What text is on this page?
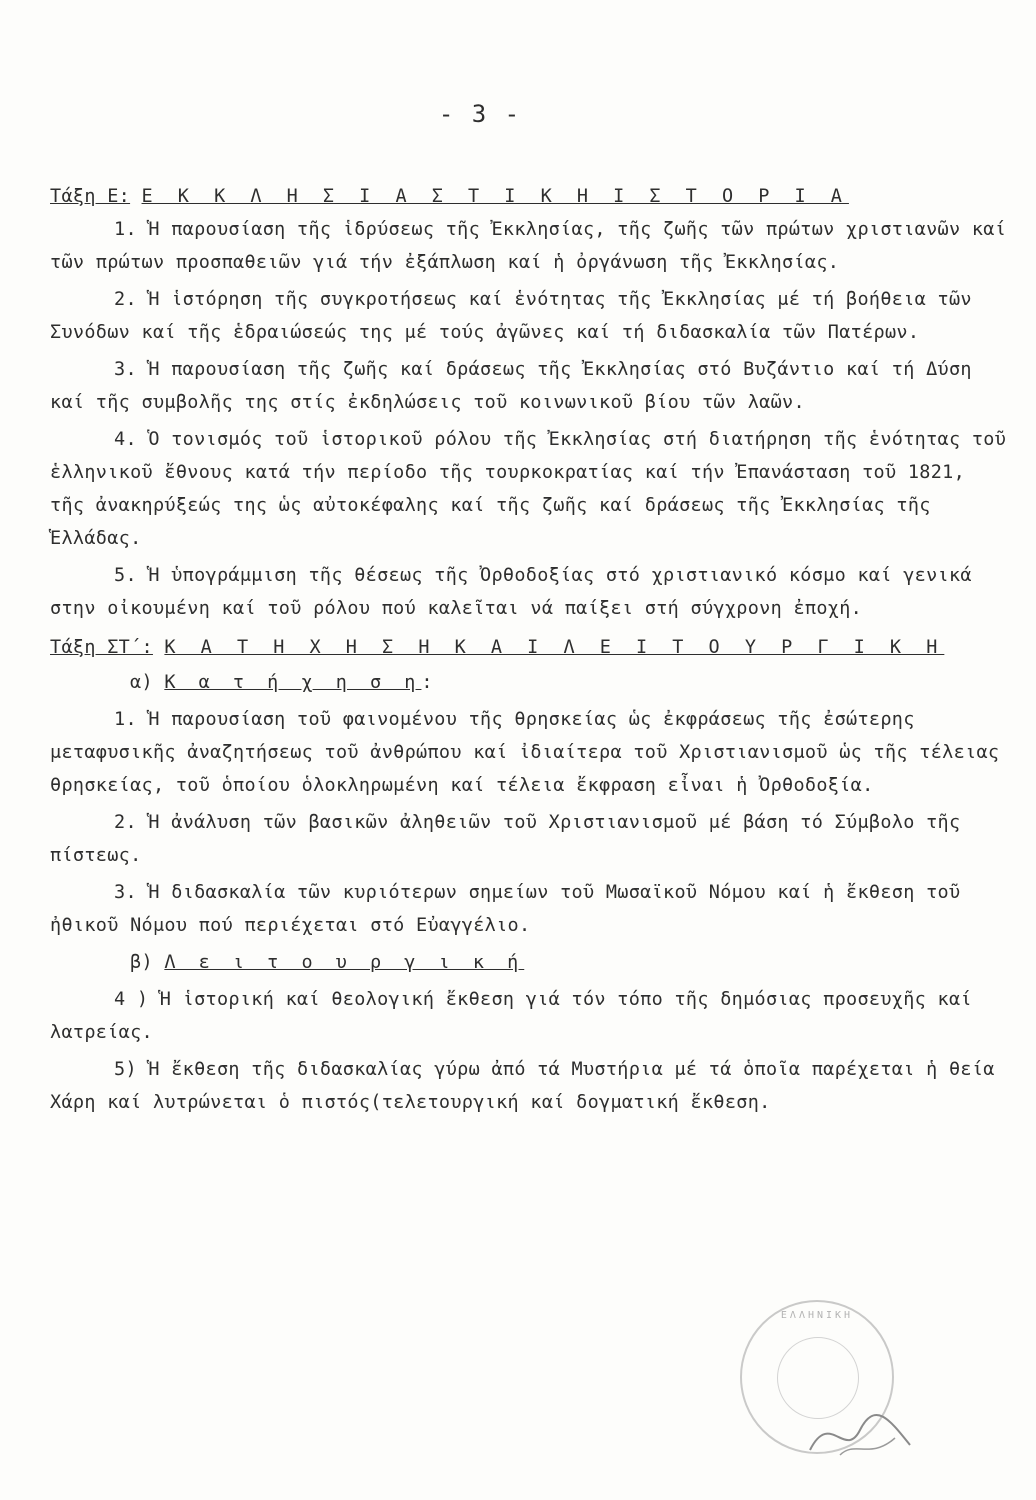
- 3 -

Τάξη Ε: Ε Κ Κ Λ Η Σ Ι Α Σ Τ Ι Κ Η Ι Σ Τ Ο Ρ Ι Α

1. Ἡ παρουσίαση τῆς ἱδρύσεως τῆς Ἐκκλησίας, τῆς ζωῆς τῶν πρώτων χριστιανῶν καί τῶν πρώτων προσπαθειῶν γιά τήν ἐξάπλωση καί ἡ ὀργάνωση τῆς Ἐκκλησίας.

2. Ἡ ἱστόρηση τῆς συγκροτήσεως καί ἑνότητας τῆς Ἐκκλησίας μέ τή βοήθεια τῶν Συνόδων καί τῆς ἑδραιώσεώς της μέ τούς ἀγῶνες καί τή διδασκαλία τῶν Πατέρων.

3. Ἡ παρουσίαση τῆς ζωῆς καί δράσεως τῆς Ἐκκλησίας στό Βυζάντιο καί τή Δύση καί τῆς συμβολῆς της στίς ἐκδηλώσεις τοῦ κοινωνικοῦ βίου τῶν λαῶν.

4. Ὁ τονισμός τοῦ ἱστορικοῦ ρόλου τῆς Ἐκκλησίας στή διατήρηση τῆς ἑνότητας τοῦ ἑλληνικοῦ ἔθνους κατά τήν περίοδο τῆς τουρκοκρατίας καί τήν Ἐπανάσταση τοῦ 1821, τῆς ἀνακηρύξεώς της ὡς αὐτοκέφαλης καί τῆς ζωῆς καί δράσεως τῆς Ἐκκλησίας τῆς Ἑλλάδας.

5. Ἡ ὑπογράμμιση τῆς θέσεως τῆς Ὀρθοδοξίας στό χριστιανικό κόσμο καί γενικά στην οἰκουμένη καί τοῦ ρόλου πού καλεῖται νά παίξει στή σύγχρονη ἐποχή.

Τάξη ΣΤ΄: Κ Α Τ Η Χ Η Σ Η Κ Α Ι Λ Ε Ι Τ Ο Υ Ρ Γ Ι Κ Η

α) Κ α τ ή χ η σ η:

1. Ἡ παρουσίαση τοῦ φαινομένου τῆς θρησκείας ὡς ἐκφράσεως τῆς ἐσώτερης μεταφυσικῆς ἀναζητήσεως τοῦ ἀνθρώπου καί ἰδιαίτερα τοῦ Χριστιανισμοῦ ὡς τῆς τέλειας θρησκείας, τοῦ ὁποίου ὁλοκληρωμένη καί τέλεια ἔκφραση εἶναι ἡ Ὀρθοδοξία.

2. Ἡ ἀνάλυση τῶν βασικῶν ἀληθειῶν τοῦ Χριστιανισμοῦ μέ βάση τό Σύμβολο τῆς πίστεως.

3. Ἡ διδασκαλία τῶν κυριότερων σημείων τοῦ Μωσαϊκοῦ Νόμου καί ἡ ἔκθεση τοῦ ἠθικοῦ Νόμου πού περιέχεται στό Εὐαγγέλιο.

β) Λ ε ι τ ο υ ρ γ ι κ ή

4 ) Ἡ ἱστορική καί θεολογική ἔκθεση γιά τόν τόπο τῆς δημόσιας προσευχῆς καί λατρείας.

5) Ἡ ἔκθεση τῆς διδασκαλίας γύρω ἀπό τά Μυστήρια μέ τά ὁποῖα παρέχεται ἡ θεία Χάρη καί λυτρώνεται ὁ πιστός(τελετουργική καί δογματική ἔκθεση.

ΕΛΛΗΝΙΚΗ
